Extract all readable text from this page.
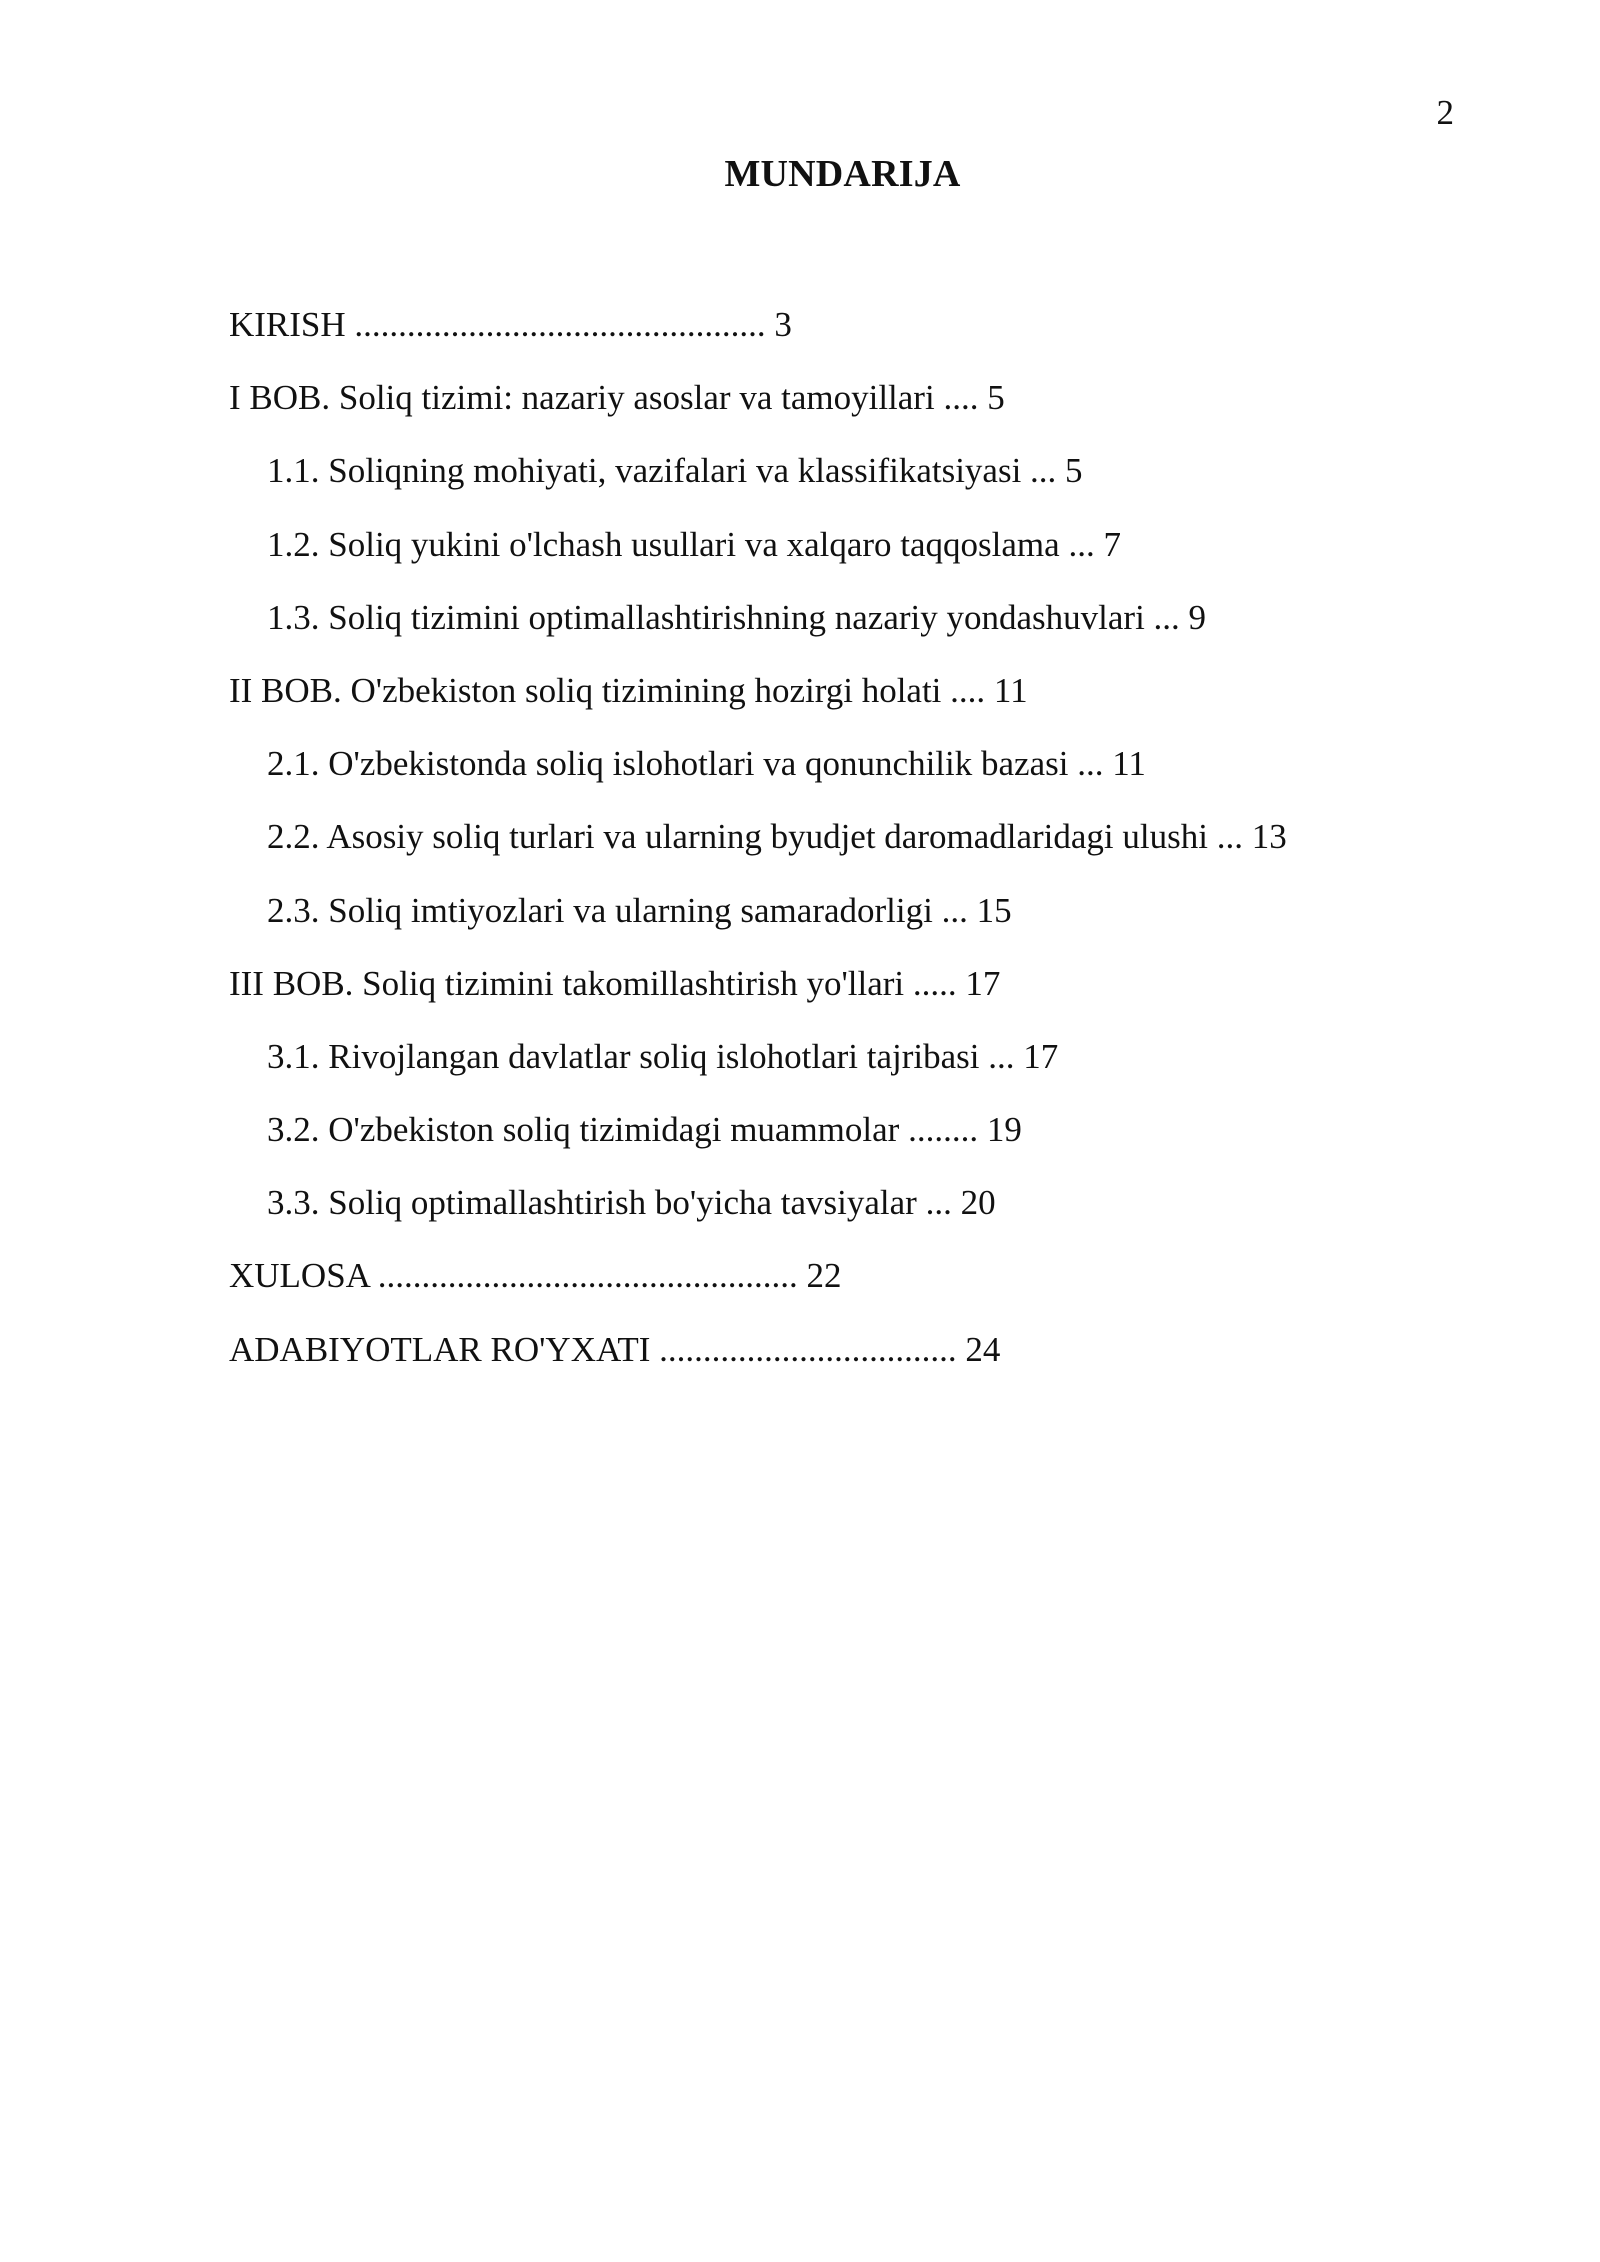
2
MUNDARIJA
KIRISH ............................................... 3
I BOB. Soliq tizimi: nazariy asoslar va tamoyillari .... 5
1.1. Soliqning mohiyati, vazifalari va klassifikatsiyasi ... 5
1.2. Soliq yukini o'lchash usullari va xalqaro taqqoslama ... 7
1.3. Soliq tizimini optimallashtirishning nazariy yondashuvlari ... 9
II BOB. O'zbekiston soliq tizimining hozirgi holati .... 11
2.1. O'zbekistonda soliq islohotlari va qonunchilik bazasi ... 11
2.2. Asosiy soliq turlari va ularning byudjet daromadlaridagi ulushi ... 13
2.3. Soliq imtiyozlari va ularning samaradorligi ... 15
III BOB. Soliq tizimini takomillashtirish yo'llari ..... 17
3.1. Rivojlangan davlatlar soliq islohotlari tajribasi ... 17
3.2. O'zbekiston soliq tizimidagi muammolar ........ 19
3.3. Soliq optimallashtirish bo'yicha tavsiyalar ... 20
XULOSA ................................................ 22
ADABIYOTLAR RO'YXATI .................................. 24
